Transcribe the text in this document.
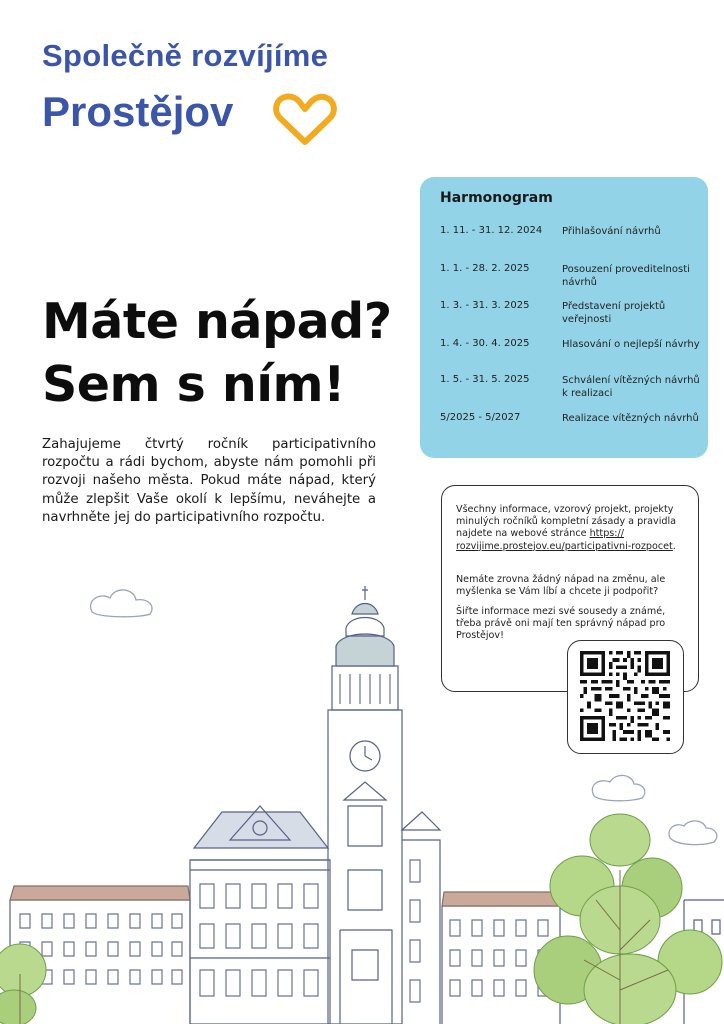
Společně rozvíjíme
Prostějov
Harmonogram
1. 11. - 31. 12. 2024	Přihlašování návrhů
1. 1. - 28. 2. 2025	Posouzení proveditelnosti návrhů
1. 3. - 31. 3. 2025	Představení projektů veřejnosti
1. 4. - 30. 4. 2025	Hlasování o nejlepší návrhy
1. 5. - 31. 5. 2025	Schválení vítězných návrhů k realizaci
5/2025 - 5/2027	Realizace vítězných návrhů
Máte nápad?
Sem s ním!
Zahajujeme čtvrtý ročník participativního rozpočtu a rádi bychom, abyste nám pomohli při rozvoji našeho města. Pokud máte nápad, který může zlepšit Vaše okolí k lepšímu, neváhejte a navrhněte jej do participativního rozpočtu.
Všechny informace, vzorový projekt, projekty minulých ročníků kompletní zásady a pravidla najdete na webové stránce https:// rozvijime.prostejov.eu/participativni-rozpocet.
Nemáte zrovna žádný nápad na změnu, ale myšlenka se Vám líbí a chcete ji podpořit?
Šiřte informace mezi své sousedy a známé, třeba právě oni mají ten správný nápad pro Prostějov!
